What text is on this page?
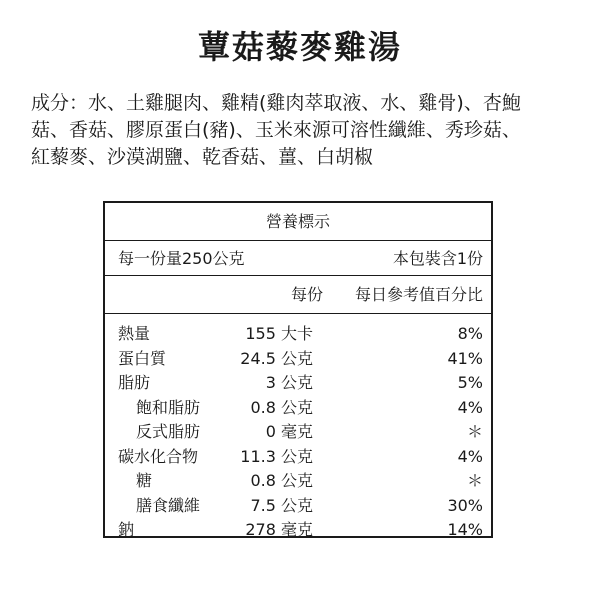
蕈菇藜麥雞湯

成分：水、土雞腿肉、雞精(雞肉萃取液、水、雞骨)、杏鮑

菇、香菇、膠原蛋白(豬)、玉米來源可溶性纖維、秀珍菇、

紅藜麥、沙漠湖鹽、乾香菇、薑、白胡椒

營養標示
每一份量250公克	本包裝含1份
每份 每日參考值百分比
熱量	155 大卡	8%
蛋白質	24.5 公克	41%
脂肪	3 公克	5%
飽和脂肪	0.8 公克	4%
反式脂肪	0 毫克	＊
碳水化合物	11.3 公克	4%
糖	0.8 公克	＊
膳食纖維	7.5 公克	30%
鈉	278 毫克	14%
